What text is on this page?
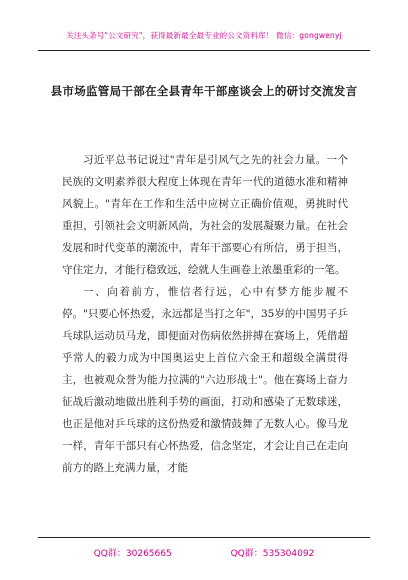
关注头条号"公文研究"，获得最新最全最专业的公文资料库！ 微信：gongwenyj
县市场监管局干部在全县青年干部座谈会上的研讨交流发言

习近平总书记说过"青年是引风气之先的社会力量。一个民族的文明素养很大程度上体现在青年一代的道德水准和精神风貌上。"青年在工作和生活中应树立正确价值观，勇挑时代重担，引领社会文明新风尚，为社会的发展凝聚力量。在社会发展和时代变革的潮流中，青年干部要心有所信，勇于担当，守住定力，才能行稳致远，绘就人生画卷上浓墨重彩的一笔。

一、向着前方，惟信者行远，心中有梦方能步履不停。"只要心怀热爱，永远都是当打之年"，35岁的中国男子乒乓球队运动员马龙，即便面对伤病依然拼搏在赛场上，凭借超乎常人的毅力成为中国奥运史上首位六金王和超级全满贯得主，也被观众誉为能力拉满的"六边形战士"。他在赛场上奋力征战后激动地做出胜利手势的画面，打动和感染了无数球迷，也正是他对乒乓球的这份热爱和激情鼓舞了无数人心。像马龙一样，青年干部只有心怀热爱，信念坚定，才会让自己在走向前方的路上充满力量，才能

QQ群：30265665	QQ群：535304092
